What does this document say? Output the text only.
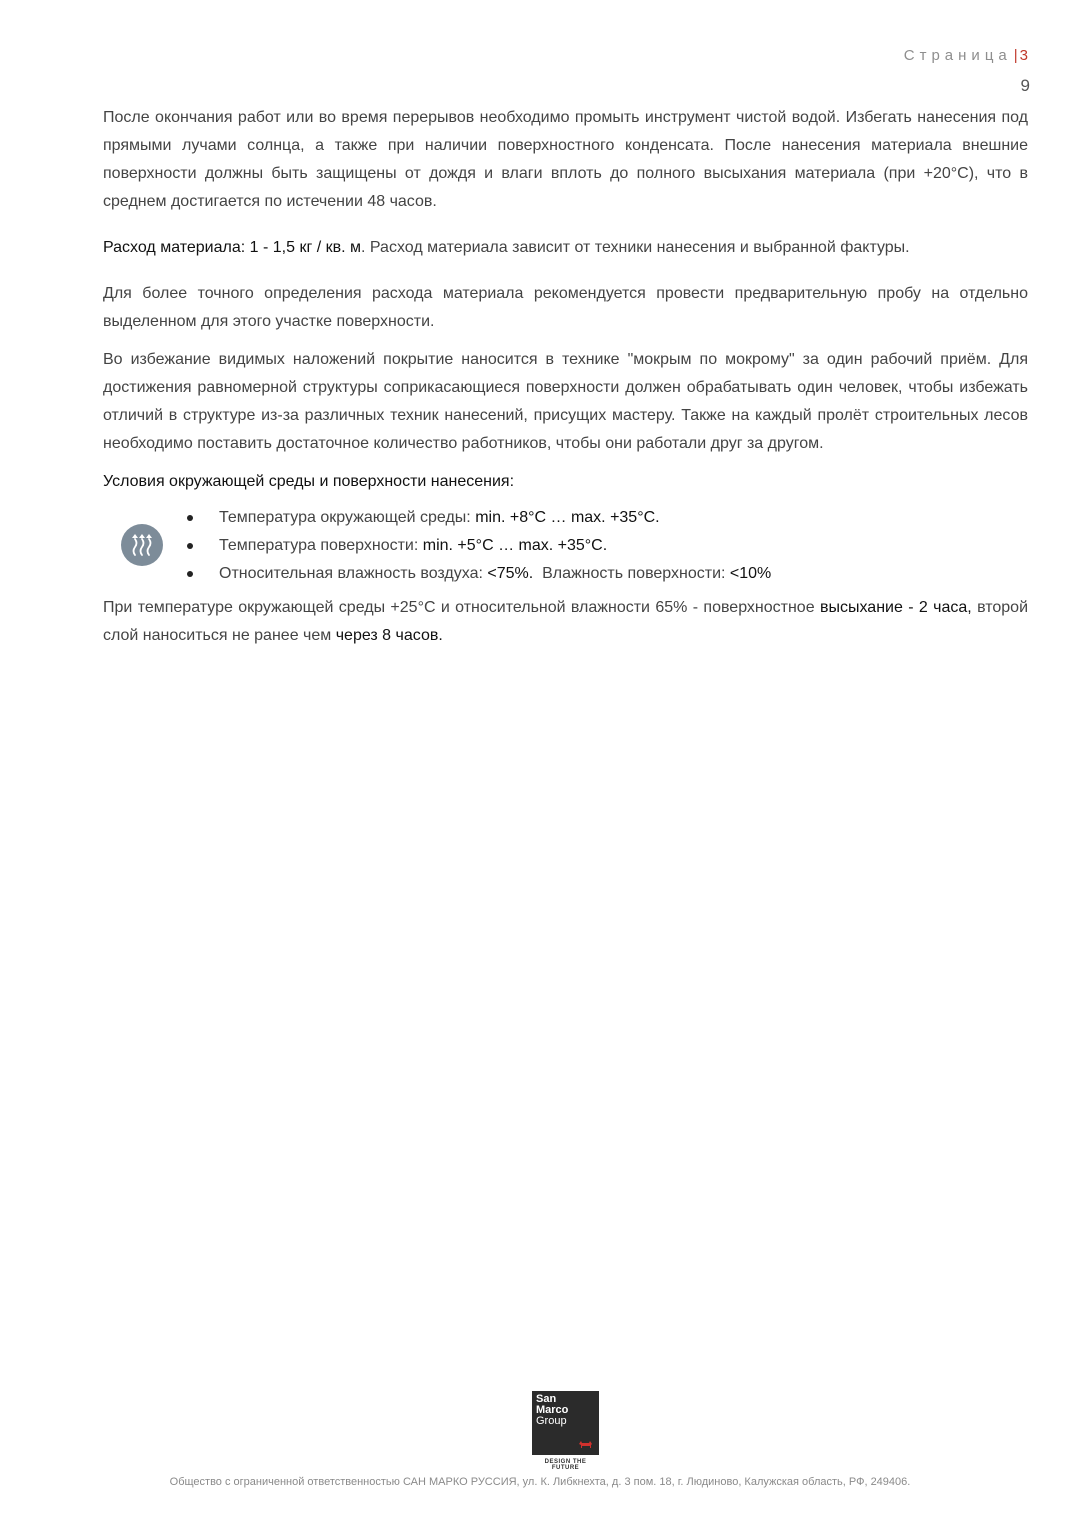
Страница | 3
9

После окончания работ или во время перерывов необходимо промыть инструмент чистой водой. Избегать нанесения под прямыми лучами солнца, а также при наличии поверхностного конденсата. После нанесения материала внешние поверхности должны быть защищены от дождя и влаги вплоть до полного высыхания материала (при +20°С), что в среднем достигается по истечении 48 часов.

Расход материала: 1 - 1,5 кг / кв. м. Расход материала зависит от техники нанесения и выбранной фактуры.

Для более точного определения расхода материала рекомендуется провести предварительную пробу на отдельно выделенном для этого участке поверхности.

Во избежание видимых наложений покрытие наносится в технике "мокрым по мокрому" за один рабочий приём. Для достижения равномерной структуры соприкасающиеся поверхности должен обрабатывать один человек, чтобы избежать отличий в структуре из-за различных техник нанесений, присущих мастеру. Также на каждый пролёт строительных лесов необходимо поставить достаточное количество работников, чтобы они работали друг за другом.

Условия окружающей среды и поверхности нанесения:

Температура окружающей среды: min. +8°C … max. +35°C.
Температура поверхности: min. +5°C … max. +35°C.
Относительная влажность воздуха: <75%.  Влажность поверхности: <10%

При температуре окружающей среды +25°С и относительной влажности 65% - поверхностное высыхание - 2 часа, второй слой наноситься не ранее чем через 8 часов.

San
Marco
Group
DESIGN THE FUTURE
Общество с ограниченной ответственностью САН МАРКО РУССИЯ, ул. К. Либкнехта, д. 3 пом. 18, г. Людиново, Калужская область, РФ, 249406.
